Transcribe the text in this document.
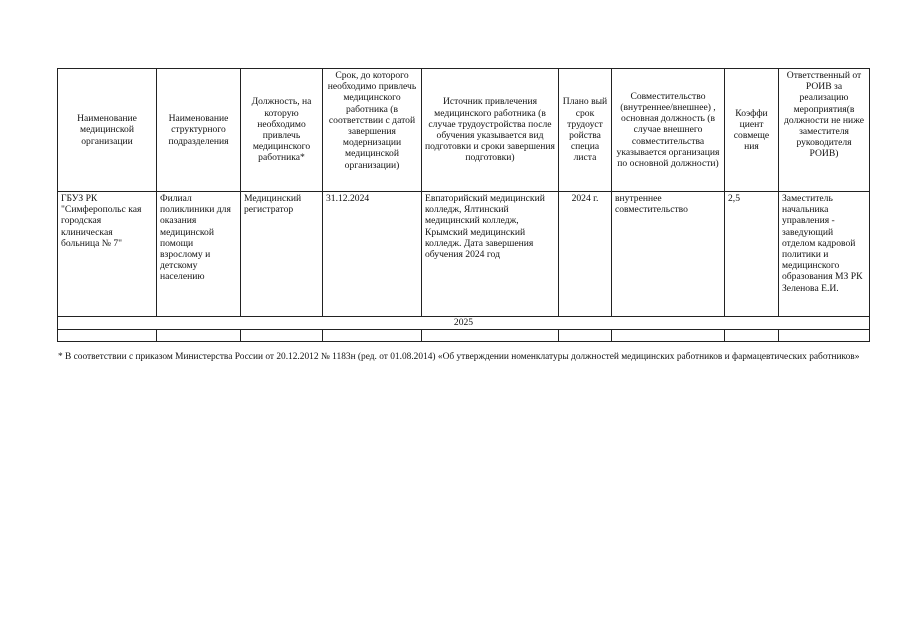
Наименование медицинской организации	Наименование структурного подразделения	Должность, на которую необходимо привлечь медицинского работника*	Срок, до которого необходимо привлечь медицинского работника (в соответствии с датой завершения модернизации медицинской организации)	Источник привлечения медицинского работника (в случае трудоустройства после обучения указывается вид подготовки и сроки завершения подготовки)	Плано вый срок трудоуст ройства специа листа	Совместительство (внутреннее/внешнее) , основная должность (в случае внешнего совместительства указывается организация по основной должности)	Коэффи циент совмеще ния	Ответственный от РОИВ за реализацию мероприятия(в должности не ниже заместителя руководителя РОИВ)
ГБУЗ РК "Симферопольс кая городская клиническая больница № 7"	Филиал поликлиники для оказания медицинской помощи взрослому и детскому населению	Медицинский регистратор	31.12.2024	Евпаторийский медицинский колледж, Ялтинский медицинский колледж, Крымский медицинский колледж. Дата завершения обучения 2024 год	2024 г.	внутреннее совместительство	2,5	Заместитель начальника управления - заведующий отделом кадровой политики и медицинского образования МЗ РК Зеленова Е.И.
2025								

* В соответствии с приказом Министерства России от 20.12.2012 № 1183н (ред. от 01.08.2014) «Об утверждении номенклатуры должностей медицинских работников и фармацевтических работников»
